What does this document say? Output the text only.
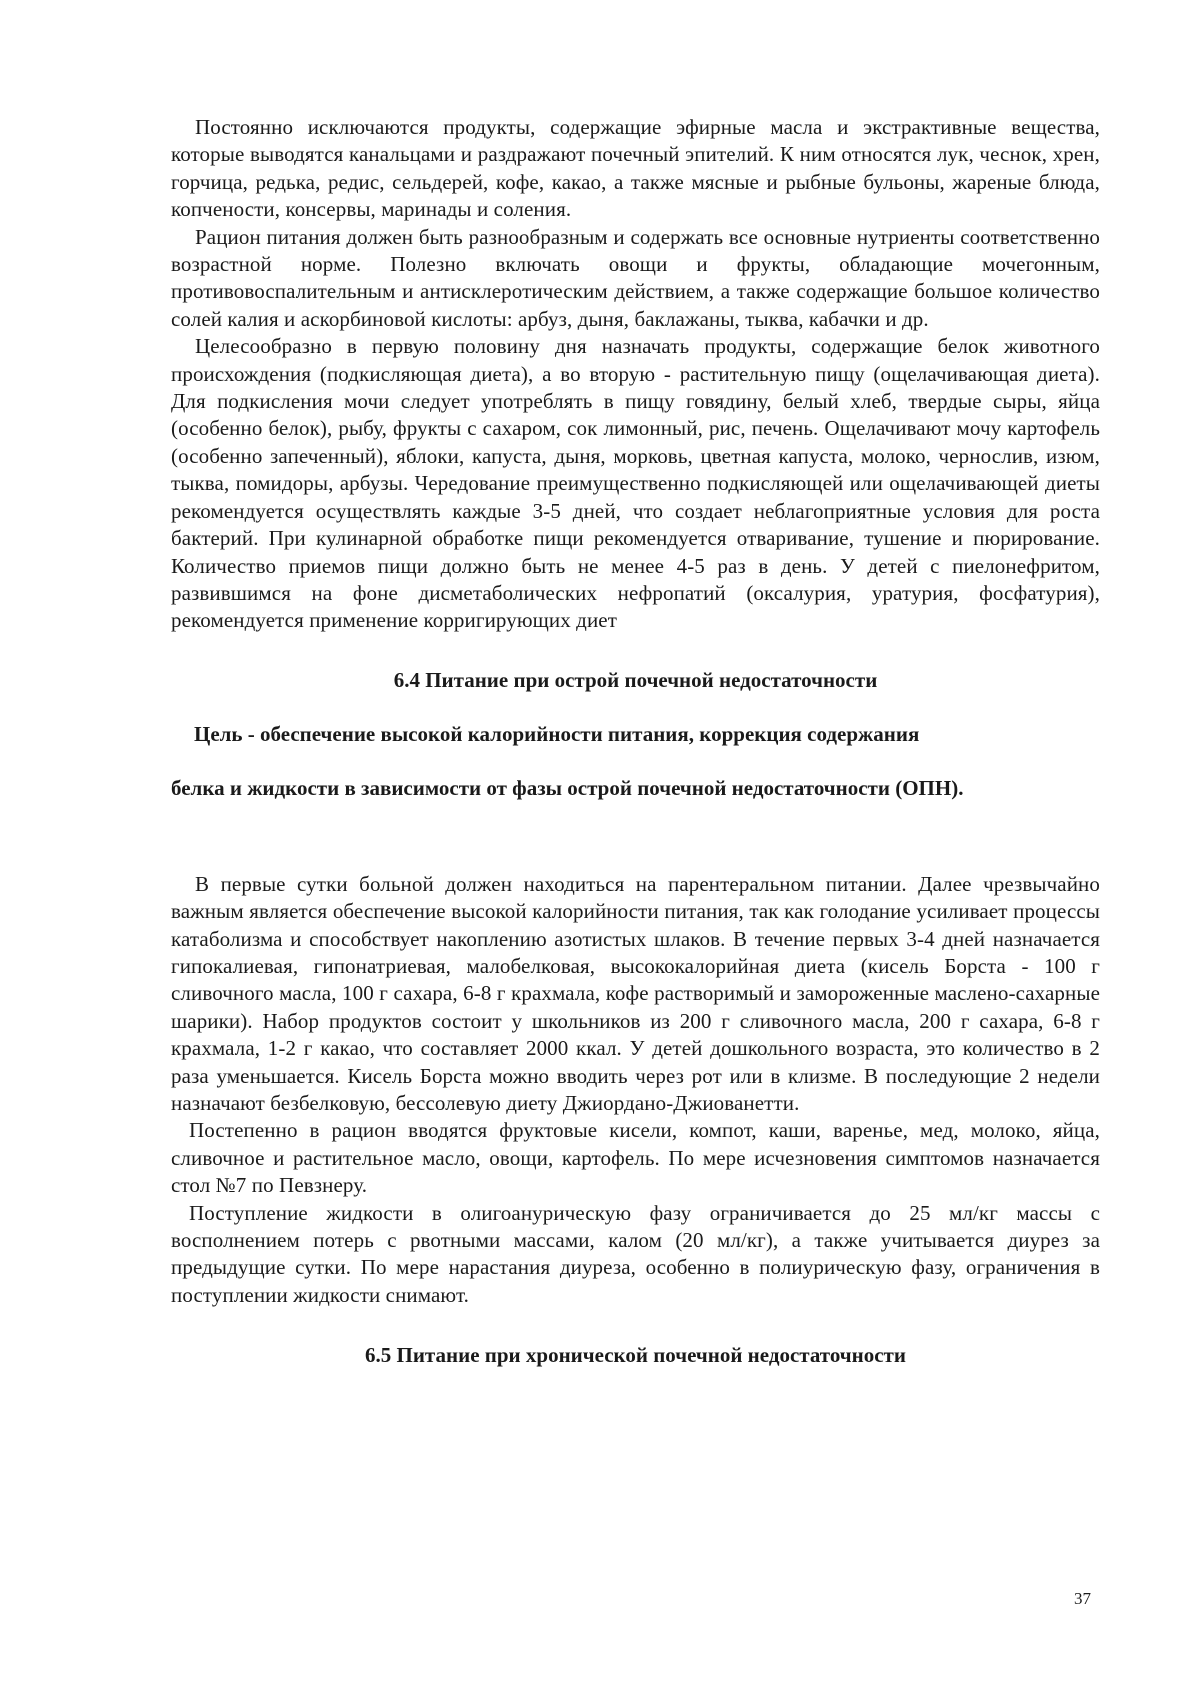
Постоянно исключаются продукты, содержащие эфирные масла и экстрактивные вещества, которые выводятся канальцами и раздражают почечный эпителий. К ним относятся лук, чеснок, хрен, горчица, редька, редис, сельдерей, кофе, какао, а также мясные и рыбные бульоны, жареные блюда, копчености, консервы, маринады и соления.

Рацион питания должен быть разнообразным и содержать все основные нутриенты соответственно возрастной норме. Полезно включать овощи и фрукты, обладающие мочегонным, противовоспалительным и антисклеротическим действием, а также содержащие большое количество солей калия и аскорбиновой кислоты: арбуз, дыня, баклажаны, тыква, кабачки и др.

Целесообразно в первую половину дня назначать продукты, содержащие белок животного происхождения (подкисляющая диета), а во вторую - растительную пищу (ощелачивающая диета). Для подкисления мочи следует употреблять в пищу говядину, белый хлеб, твердые сыры, яйца (особенно белок), рыбу, фрукты с сахаром, сок лимонный, рис, печень. Ощелачивают мочу картофель (особенно запеченный), яблоки, капуста, дыня, морковь, цветная капуста, молоко, чернослив, изюм, тыква, помидоры, арбузы. Чередование преимущественно подкисляющей или ощелачивающей диеты рекомендуется осуществлять каждые 3-5 дней, что создает неблагоприятные условия для роста бактерий. При кулинарной обработке пищи рекомендуется отваривание, тушение и пюрирование. Количество приемов пищи должно быть не менее 4-5 раз в день. У детей с пиелонефритом, развившимся на фоне дисметаболических нефропатий (оксалурия, уратурия, фосфатурия), рекомендуется применение корригирующих диет

6.4 Питание при острой почечной недостаточности

Цель - обеспечение высокой калорийности питания, коррекция содержания

белка и жидкости в зависимости от фазы острой почечной недостаточности (ОПН).

В первые сутки больной должен находиться на парентеральном питании. Далее чрезвычайно важным является обеспечение высокой калорийности питания, так как голодание усиливает процессы катаболизма и способствует накоплению азотистых шлаков. В течение первых 3-4 дней назначается гипокалиевая, гипонатриевая, малобелковая, высококалорийная диета (кисель Борста - 100 г сливочного масла, 100 г сахара, 6-8 г крахмала, кофе растворимый и замороженные маслено-сахарные шарики). Набор продуктов состоит у школьников из 200 г сливочного масла, 200 г сахара, 6-8 г крахмала, 1-2 г какао, что составляет 2000 ккал. У детей дошкольного возраста, это количество в 2 раза уменьшается. Кисель Борста можно вводить через рот или в клизме. В последующие 2 недели назначают безбелковую, бессолевую диету Джиордано-Джиованетти.

Постепенно в рацион вводятся фруктовые кисели, компот, каши, варенье, мед, молоко, яйца, сливочное и растительное масло, овощи, картофель. По мере исчезновения симптомов назначается стол №7 по Певзнеру.

Поступление жидкости в олигоанурическую фазу ограничивается до 25 мл/кг массы с восполнением потерь с рвотными массами, калом (20 мл/кг), а также учитывается диурез за предыдущие сутки. По мере нарастания диуреза, особенно в полиурическую фазу, ограничения в поступлении жидкости снимают.

6.5 Питание при хронической почечной недостаточности

37
